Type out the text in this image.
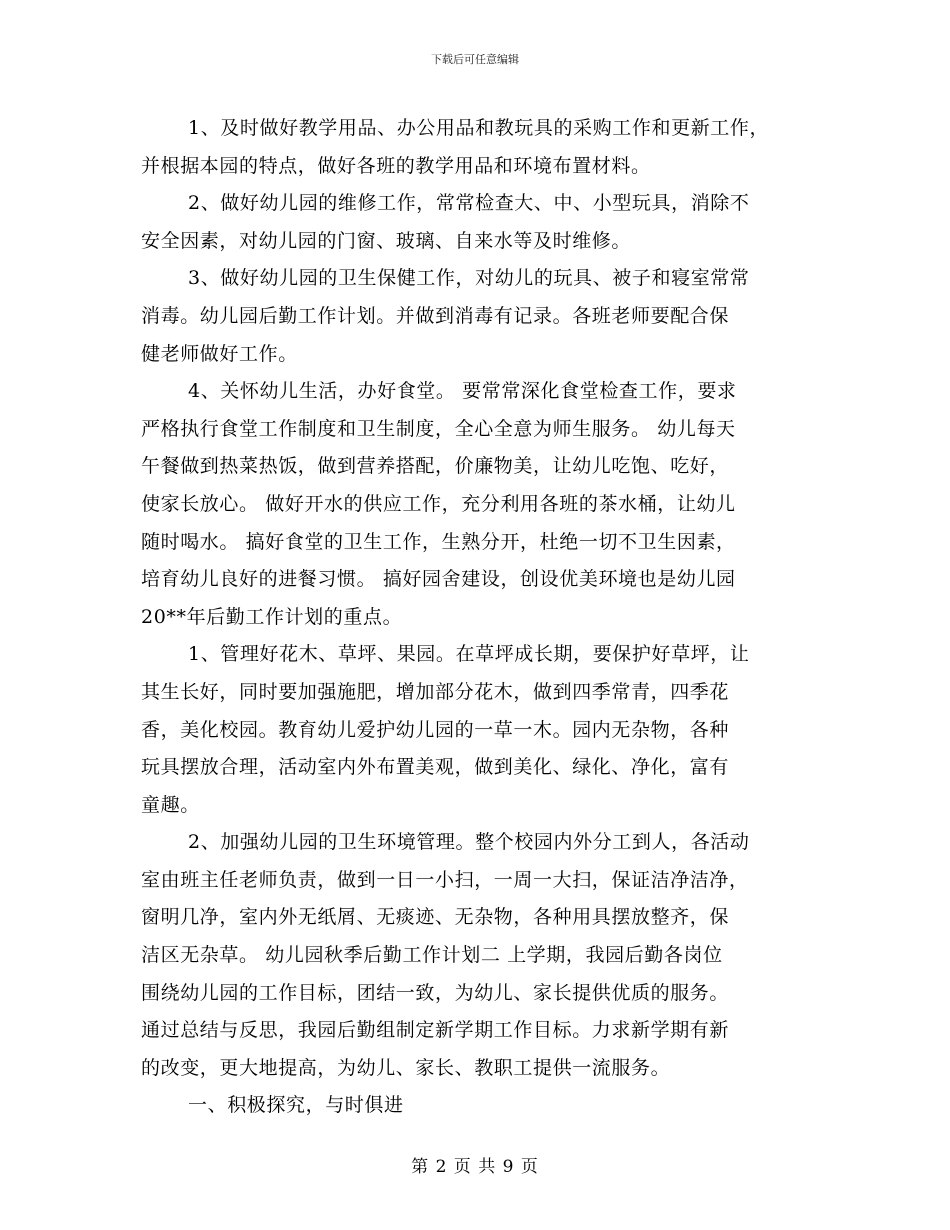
下载后可任意编辑
1、及时做好教学用品、办公用品和教玩具的采购工作和更新工作，
并根据本园的特点，做好各班的教学用品和环境布置材料。
2、做好幼儿园的维修工作，常常检查大、中、小型玩具，消除不
安全因素，对幼儿园的门窗、玻璃、自来水等及时维修。
3、做好幼儿园的卫生保健工作，对幼儿的玩具、被子和寝室常常
消毒。幼儿园后勤工作计划。并做到消毒有记录。各班老师要配合保
健老师做好工作。
4、关怀幼儿生活，办好食堂。 要常常深化食堂检查工作，要求
严格执行食堂工作制度和卫生制度，全心全意为师生服务。 幼儿每天
午餐做到热菜热饭，做到营养搭配，价廉物美，让幼儿吃饱、吃好，
使家长放心。 做好开水的供应工作，充分利用各班的茶水桶，让幼儿
随时喝水。 搞好食堂的卫生工作，生熟分开，杜绝一切不卫生因素，
培育幼儿良好的进餐习惯。 搞好园舍建设，创设优美环境也是幼儿园
20**年后勤工作计划的重点。
1、管理好花木、草坪、果园。在草坪成长期，要保护好草坪，让
其生长好，同时要加强施肥，增加部分花木，做到四季常青，四季花
香，美化校园。教育幼儿爱护幼儿园的一草一木。园内无杂物，各种
玩具摆放合理，活动室内外布置美观，做到美化、绿化、净化，富有
童趣。
2、加强幼儿园的卫生环境管理。整个校园内外分工到人，各活动
室由班主任老师负责，做到一日一小扫，一周一大扫，保证洁净洁净，
窗明几净，室内外无纸屑、无痰迹、无杂物，各种用具摆放整齐，保
洁区无杂草。 幼儿园秋季后勤工作计划二 上学期，我园后勤各岗位
围绕幼儿园的工作目标，团结一致，为幼儿、家长提供优质的服务。
通过总结与反思，我园后勤组制定新学期工作目标。力求新学期有新
的改变，更大地提高，为幼儿、家长、教职工提供一流服务。
一、积极探究，与时俱进
第 2 页 共 9 页
